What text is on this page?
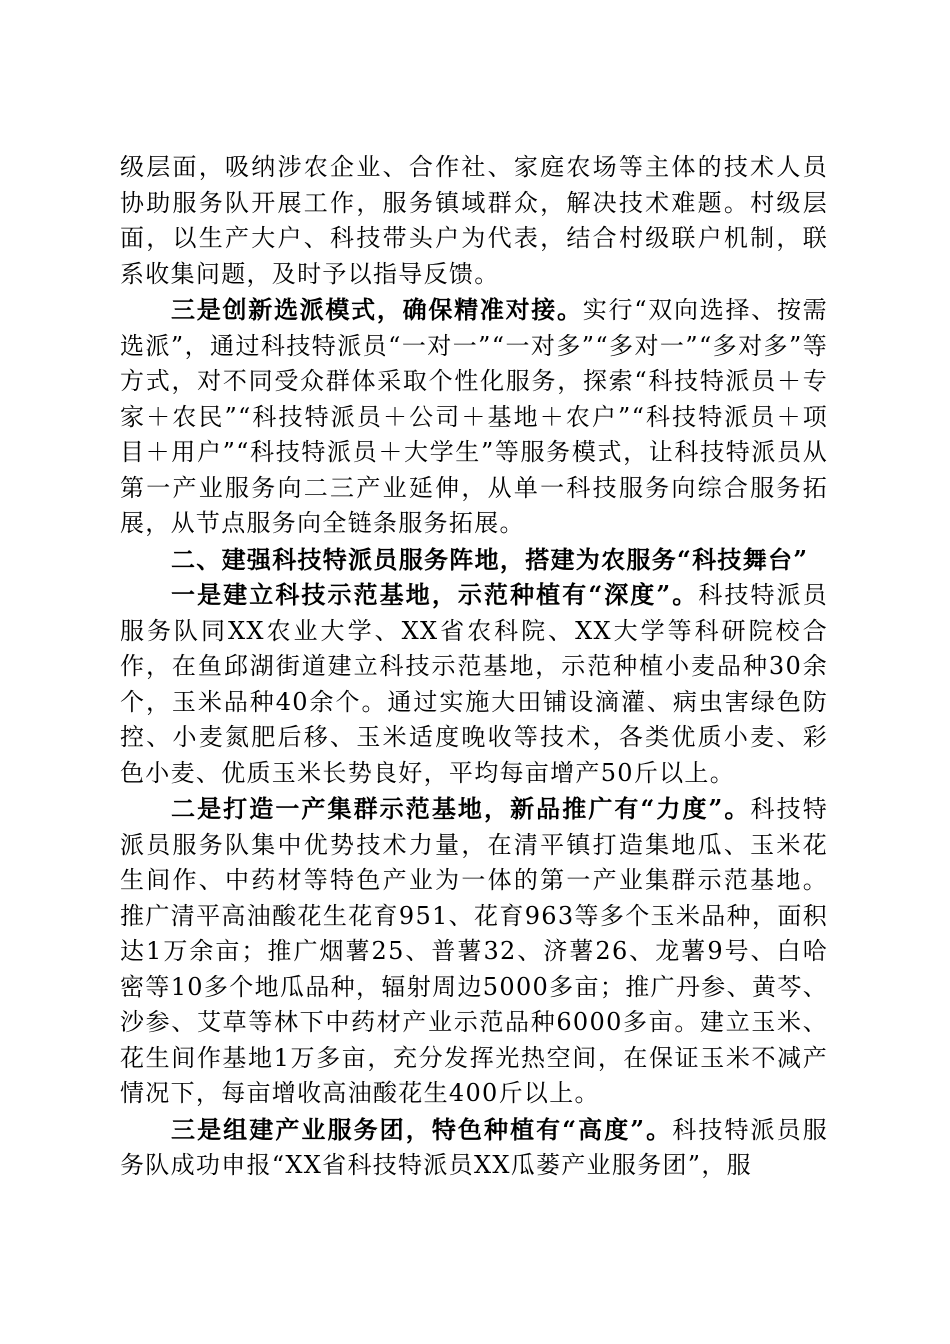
级层面，吸纳涉农企业、合作社、家庭农场等主体的技术人员协助服务队开展工作，服务镇域群众，解决技术难题。村级层面，以生产大户、科技带头户为代表，结合村级联户机制，联系收集问题，及时予以指导反馈。

三是创新选派模式，确保精准对接。实行“双向选择、按需选派”，通过科技特派员“一对一”“一对多”“多对一”“多对多”等方式，对不同受众群体采取个性化服务，探索“科技特派员＋专家＋农民”“科技特派员＋公司＋基地＋农户”“科技特派员＋项目＋用户”“科技特派员＋大学生”等服务模式，让科技特派员从第一产业服务向二三产业延伸，从单一科技服务向综合服务拓展，从节点服务向全链条服务拓展。

二、建强科技特派员服务阵地，搭建为农服务“科技舞台”

一是建立科技示范基地，示范种植有“深度”。科技特派员服务队同XX农业大学、XX省农科院、XX大学等科研院校合作，在鱼邱湖街道建立科技示范基地，示范种植小麦品种30余个，玉米品种40余个。通过实施大田铺设滴灌、病虫害绿色防控、小麦氮肥后移、玉米适度晚收等技术，各类优质小麦、彩色小麦、优质玉米长势良好，平均每亩增产50斤以上。

二是打造一产集群示范基地，新品推广有“力度”。科技特派员服务队集中优势技术力量，在清平镇打造集地瓜、玉米花生间作、中药材等特色产业为一体的第一产业集群示范基地。推广清平高油酸花生花育951、花育963等多个玉米品种，面积达1万余亩；推广烟薯25、普薯32、济薯26、龙薯9号、白哈密等10多个地瓜品种，辐射周边5000多亩；推广丹参、黄芩、沙参、艾草等林下中药材产业示范品种6000多亩。建立玉米、花生间作基地1万多亩，充分发挥光热空间，在保证玉米不减产情况下，每亩增收高油酸花生400斤以上。

三是组建产业服务团，特色种植有“高度”。科技特派员服务队成功申报“XX省科技特派员XX瓜蒌产业服务团”，服
